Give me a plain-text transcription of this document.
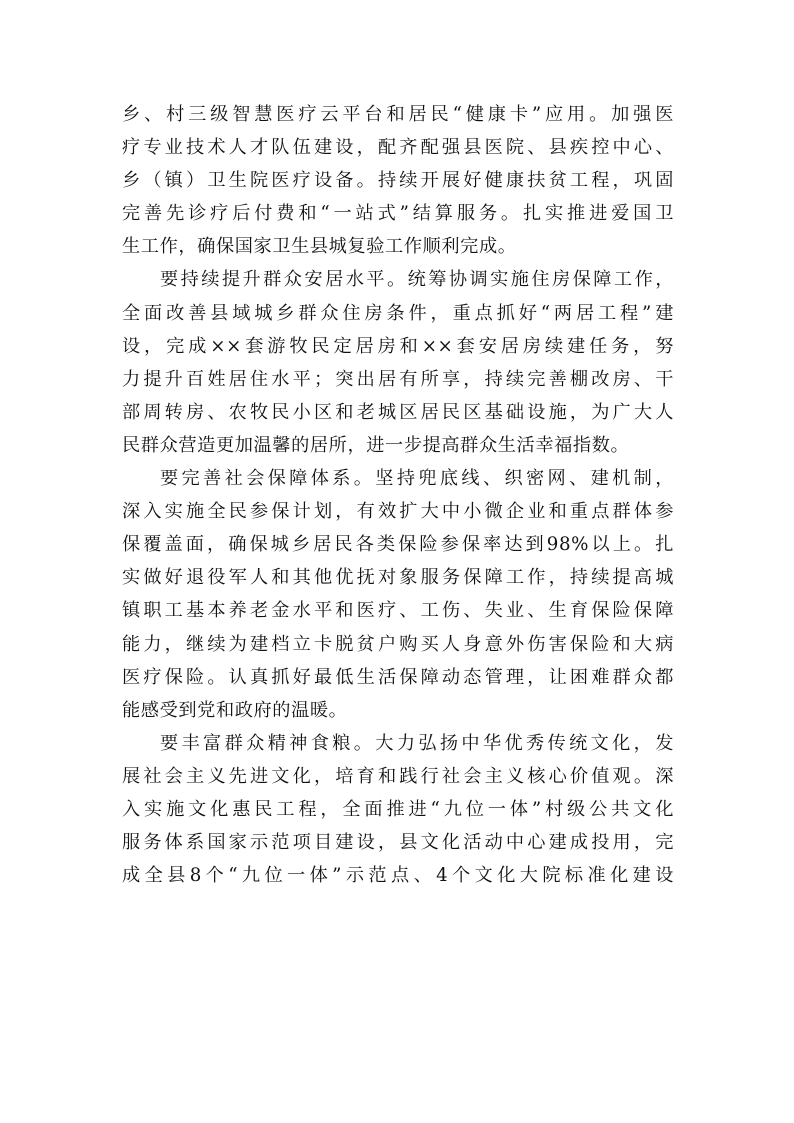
乡、村三级智慧医疗云平台和居民“健康卡”应用。加强医
疗专业技术人才队伍建设，配齐配强县医院、县疾控中心、
乡（镇）卫生院医疗设备。持续开展好健康扶贫工程，巩固
完善先诊疗后付费和“一站式”结算服务。扎实推进爱国卫
生工作，确保国家卫生县城复验工作顺利完成。
要持续提升群众安居水平。统筹协调实施住房保障工作，
全面改善县域城乡群众住房条件，重点抓好“两居工程”建
设，完成××套游牧民定居房和××套安居房续建任务，努
力提升百姓居住水平；突出居有所享，持续完善棚改房、干
部周转房、农牧民小区和老城区居民区基础设施，为广大人
民群众营造更加温馨的居所，进一步提高群众生活幸福指数。
要完善社会保障体系。坚持兜底线、织密网、建机制，
深入实施全民参保计划，有效扩大中小微企业和重点群体参
保覆盖面，确保城乡居民各类保险参保率达到98%以上。扎
实做好退役军人和其他优抚对象服务保障工作，持续提高城
镇职工基本养老金水平和医疗、工伤、失业、生育保险保障
能力，继续为建档立卡脱贫户购买人身意外伤害保险和大病
医疗保险。认真抓好最低生活保障动态管理，让困难群众都
能感受到党和政府的温暖。
要丰富群众精神食粮。大力弘扬中华优秀传统文化，发
展社会主义先进文化，培育和践行社会主义核心价值观。深
入实施文化惠民工程，全面推进“九位一体”村级公共文化
服务体系国家示范项目建设，县文化活动中心建成投用，完
成全县8个“九位一体”示范点、4个文化大院标准化建设
